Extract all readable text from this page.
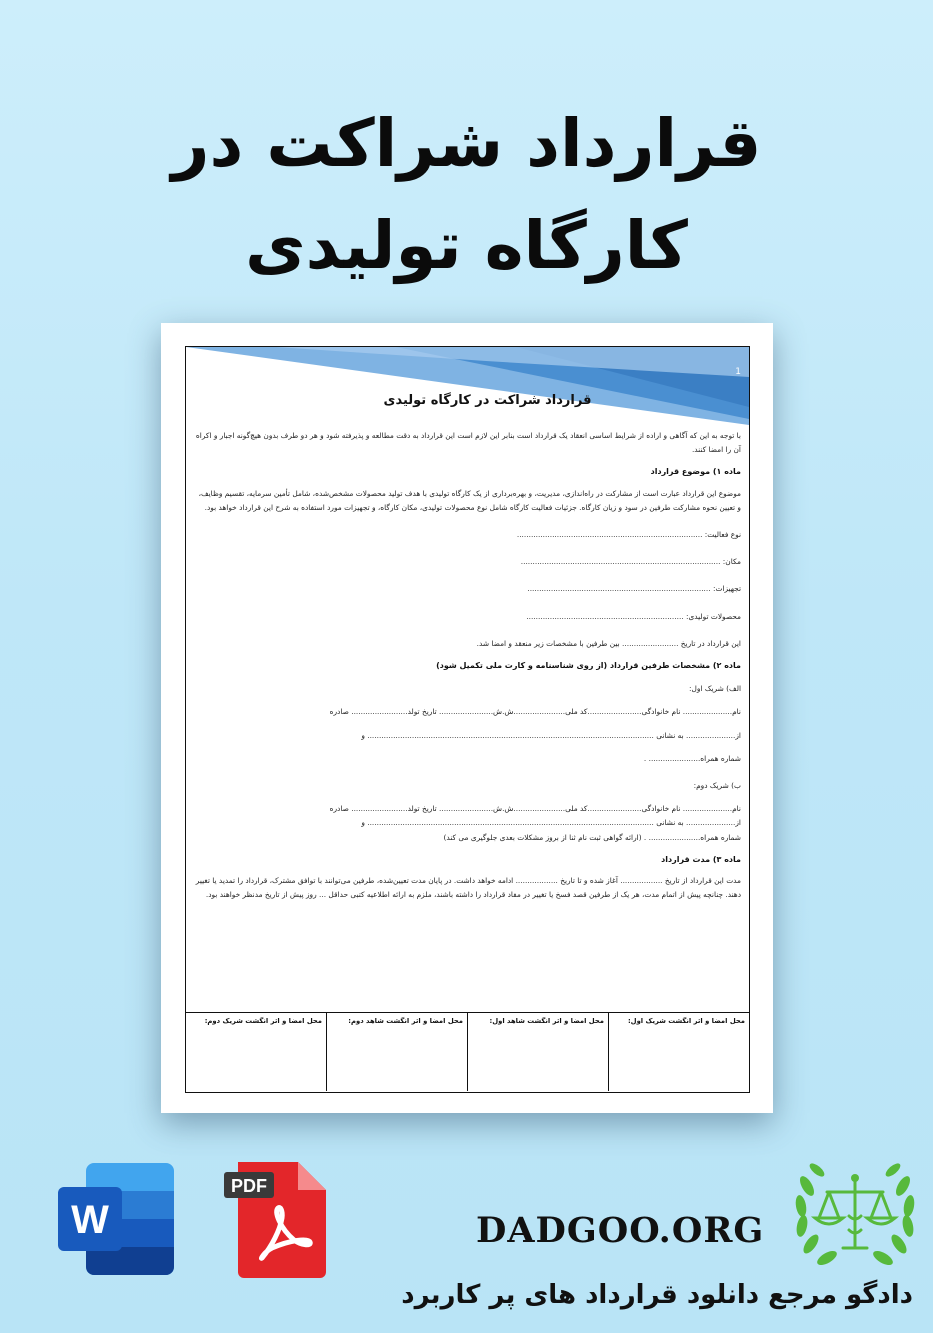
قرارداد شراکت در
کارگاه تولیدی
1
قرارداد شراکت در کارگاه تولیدی

با توجه به این که آگاهی و اراده از شرایط اساسی انعقاد یک قرارداد است بنابر این لازم است این قرارداد به دقت مطالعه و پذیرفته شود و هر دو طرف بدون هیچ‌گونه اجبار و اکراه آن را امضا کنند.

ماده ۱) موضوع قرارداد

موضوع این قرارداد عبارت است از مشارکت در راه‌اندازی، مدیریت، و بهره‌برداری از یک کارگاه تولیدی با هدف تولید محصولات مشخص‌شده، شامل تأمین سرمایه، تقسیم وظایف، و تعیین نحوه مشارکت طرفین در سود و زیان کارگاه. جزئیات فعالیت کارگاه شامل نوع محصولات تولیدی، مکان کارگاه، و تجهیزات مورد استفاده به شرح این قرارداد خواهد بود.

نوع فعالیت: ...............................................................................

مکان: .....................................................................................

تجهیزات: ..............................................................................

محصولات تولیدی: ...................................................................

این قرارداد در تاریخ ........................ بین طرفین با مشخصات زیر منعقد و امضا شد.

ماده ۲) مشخصات طرفین قرارداد (از روی شناسنامه و کارت ملی تکمیل شود)

الف) شریک اول:

نام..................... نام خانوادگی.......................کد ملی......................ش.ش....................... تاریخ تولد........................ صادره

از..................... به نشانی .......................................................................................................................... و

شماره همراه...................... .

ب) شریک دوم:

نام..................... نام خانوادگی.......................کد ملی......................ش.ش....................... تاریخ تولد........................ صادره

از..................... به نشانی .......................................................................................................................... و

شماره همراه...................... . (ارائه گواهی ثبت نام ثنا از بروز مشکلات بعدی جلوگیری می کند)

ماده ۳) مدت قرارداد

مدت این قرارداد از تاریخ .................. آغاز شده و تا تاریخ .................. ادامه خواهد داشت. در پایان مدت تعیین‌شده، طرفین می‌توانند با توافق مشترک، قرارداد را تمدید یا تغییر دهند. چنانچه پیش از اتمام مدت، هر یک از طرفین قصد فسخ یا تغییر در مفاد قرارداد را داشته باشند، ملزم به ارائه اطلاعیه کتبی حداقل ... روز پیش از تاریخ مدنظر خواهند بود.

محل امضا و اثر انگشت شریک اول:
محل امضا و اثر انگشت شاهد اول:
محل امضا و اثر انگشت شاهد دوم:
محل امضا و اثر انگشت شریک دوم:
W
PDF
DADGOO.ORG
دادگو مرجع دانلود قرارداد های پر کاربرد
